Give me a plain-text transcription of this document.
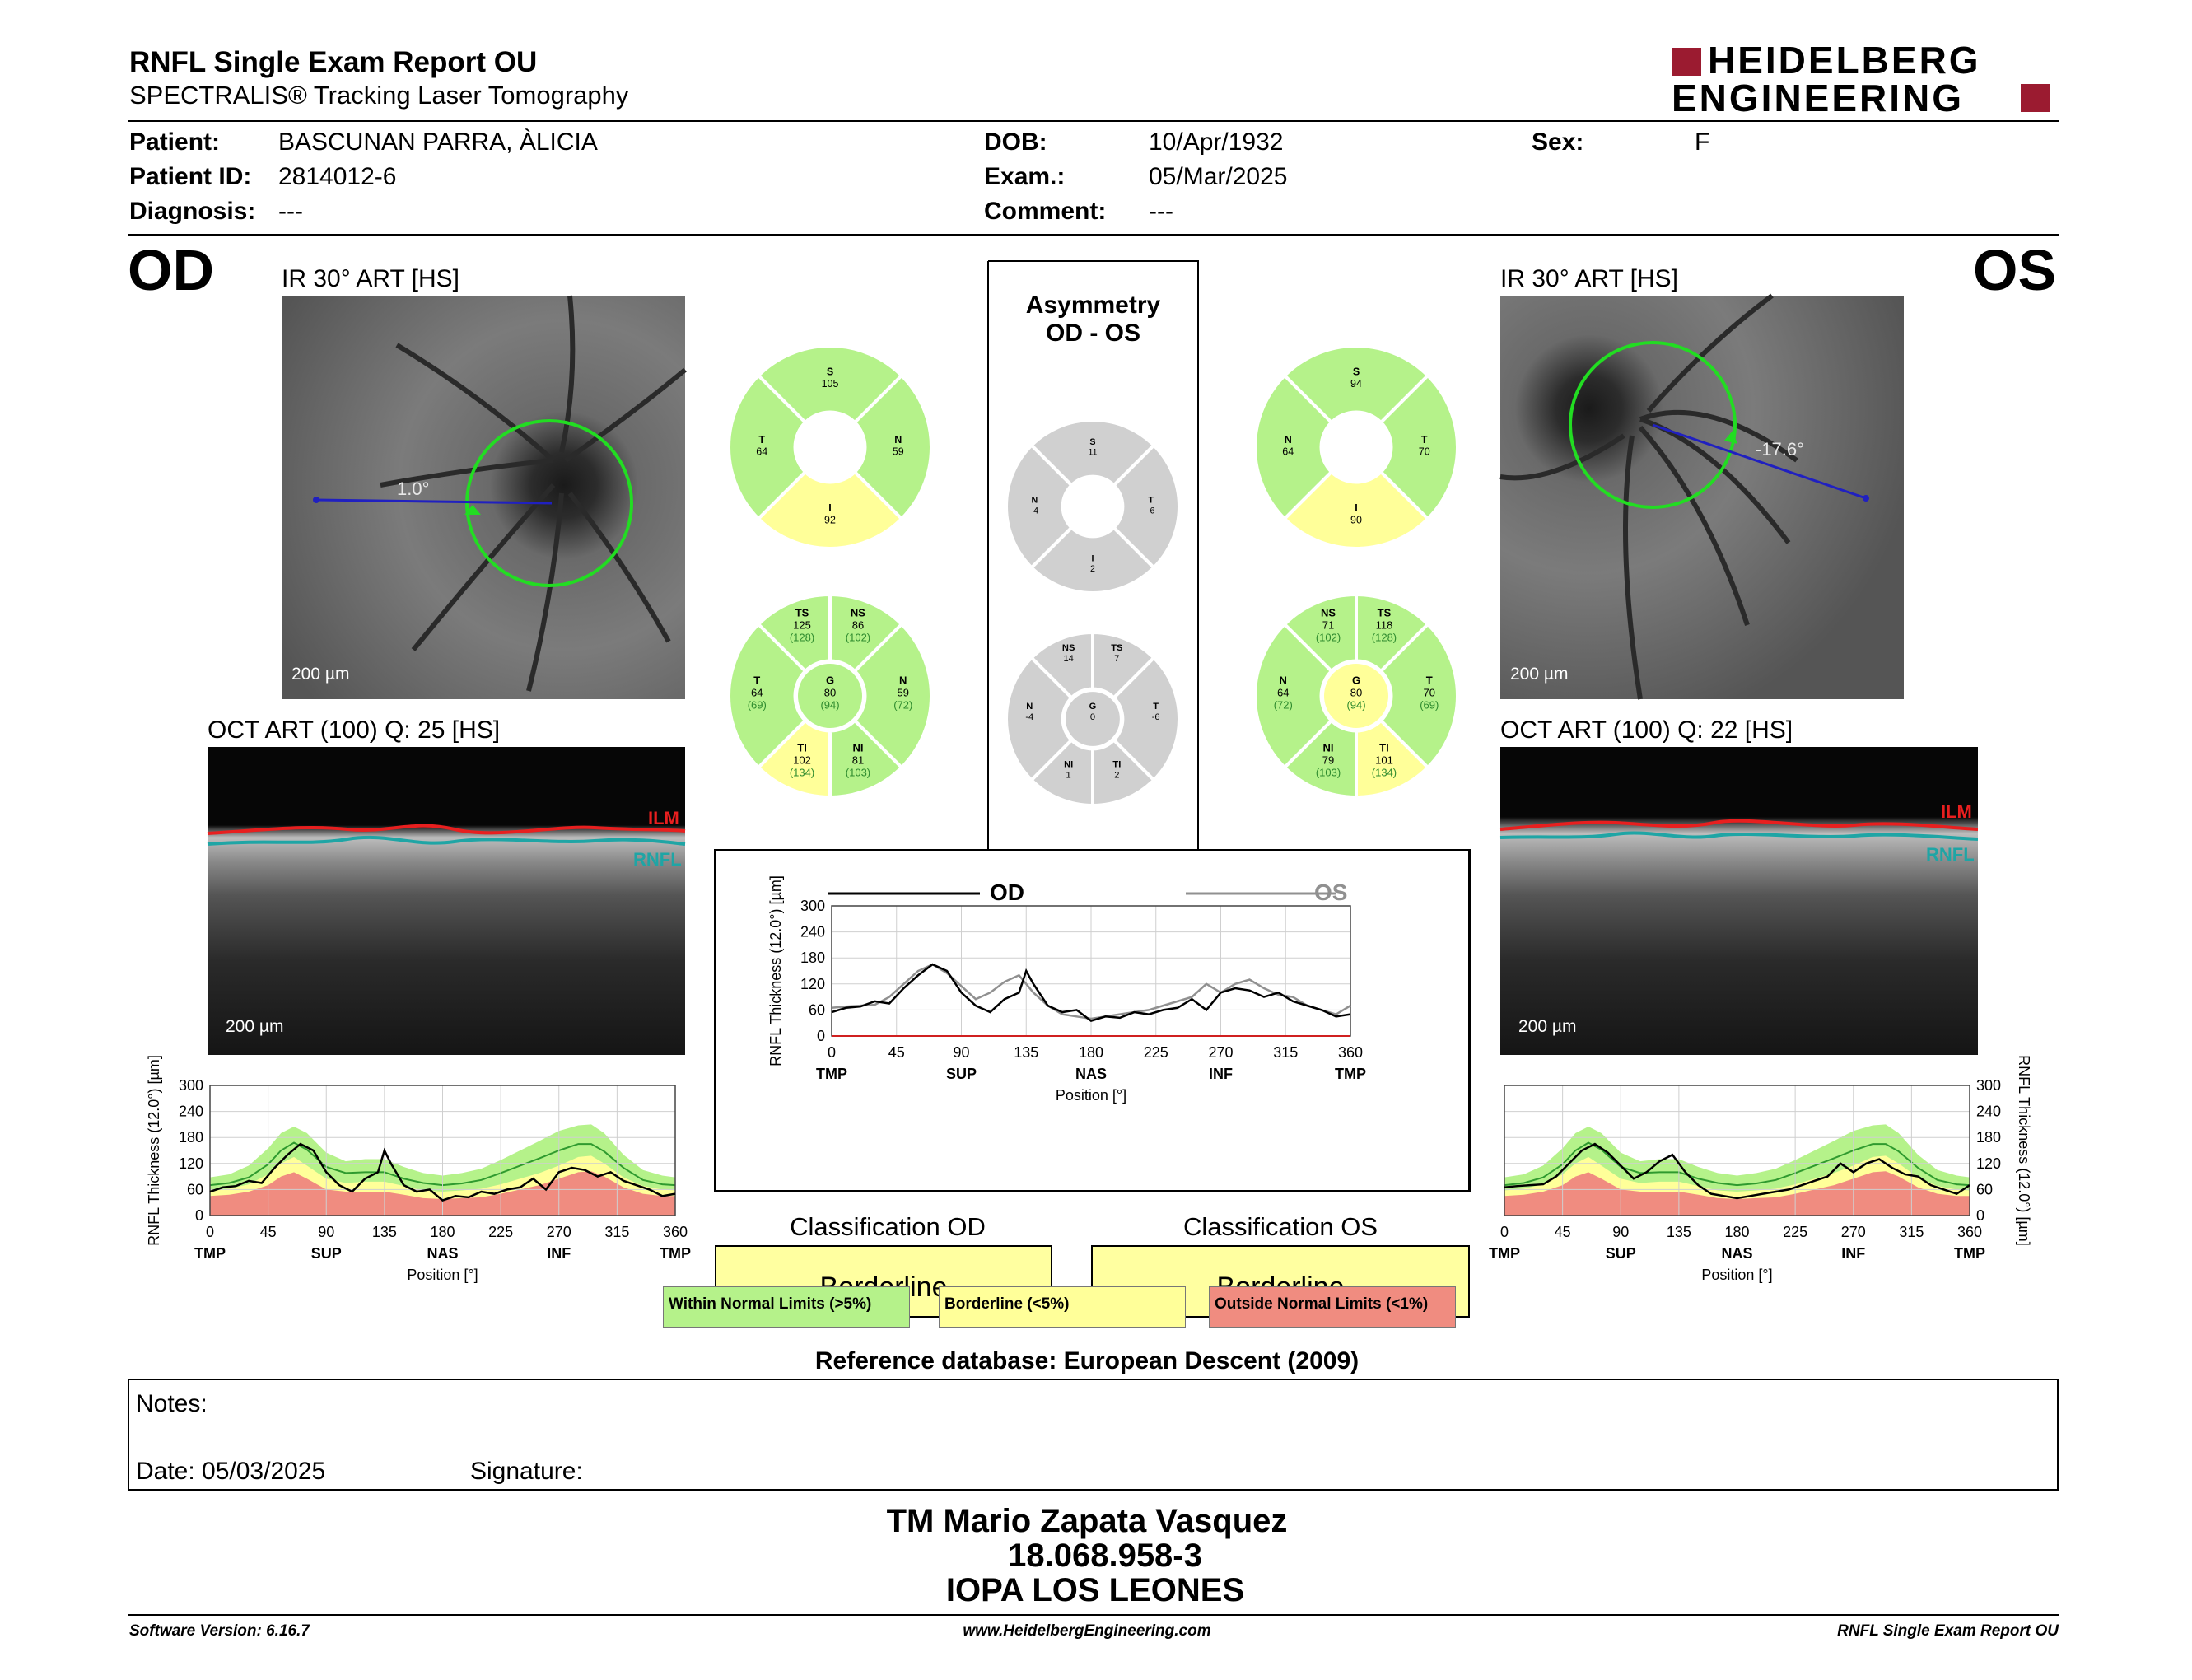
RNFL Single Exam Report OU
SPECTRALIS® Tracking Laser Tomography
HEIDELBERG
ENGINEERING
Patient: BASCUNAN PARRA, ÀLICIA
Patient ID: 2814012-6
Diagnosis: ---
DOB:	10/Apr/1932
Exam.:	05/Mar/2025
Comment: ---
Sex:	F
OD	IR 30° ART [HS]
1.0°
200 µm
OCT ART (100) Q: 25 [HS]
ILM
RNFL
200 µm
0
60
120
180
240
300
0	45	90	135 180 225 270 315 360
TMP	SUP	NAS	INF	TMP
Position [°]
RNFL Thickness (12.0°) [µm]
OS
IR 30° ART [HS]
-17.6°
200 µm
OCT ART (100) Q: 22 [HS]
ILM
RNFL
200 µm
0
60
120
180
240
300
0	45	90	135 180 225 270 315 360
TMP	SUP	NAS	INF	TMP
Position [°]
RNFL Thickness (12.0°) [µm]
Asymmetry
OD - OS
S
105
T
64
I
92
N
59
TS
125
(128)
NS
86
(102)
T
64
(69)
N
59
(72)
TI
102
(134)
NI
81
(103)
G
80
(94)
S
11
N
-4
I
2
T
-6
NS
14
TS
7
N
-4
T
-6
NI
1
TI
2
G
0
S
94
N
64
I
90
T
70
NS
71
(102)
TS
118
(128)
N
64
(72)
T
70
(69)
NI
79
(103)
TI
101
(134)
G
80
(94)
0
60
120
180
240
300
0	45	90	135	180	225	270	315	360
TMP	SUP	NAS	INF	TMP
Position [°]
RNFL Thickness (12.0°) [µm]	OD	OS
Classification OD	Classification OS
Within Normal Limits (>5%)	Borderline (<5%)	Outside Normal Limits (<1%)
Reference database: European Descent (2009)
Notes:
Date: 05/03/2025	Signature:
TM Mario Zapata Vasquez
18.068.958-3
IOPA LOS LEONES
Software Version: 6.16.7	www.HeidelbergEngineering.com	RNFL Single Exam Report OU
